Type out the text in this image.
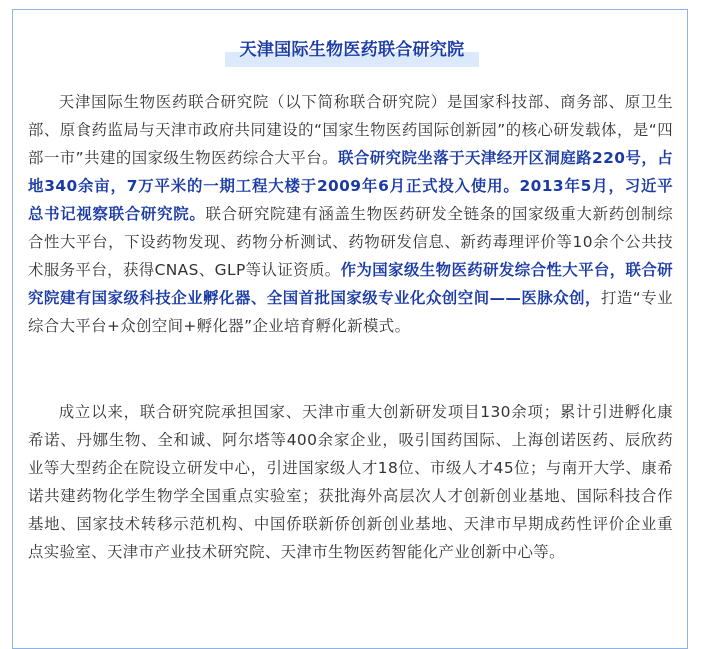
天津国际生物医药联合研究院

天津国际生物医药联合研究院（以下简称联合研究院）是国家科技部、商务部、原卫生部、原食药监局与天津市政府共同建设的“国家生物医药国际创新园”的核心研发载体，是“四部一市”共建的国家级生物医药综合大平台。联合研究院坐落于天津经开区洞庭路220号，占地340余亩，7万平米的一期工程大楼于2009年6月正式投入使用。2013年5月，习近平总书记视察联合研究院。联合研究院建有涵盖生物医药研发全链条的国家级重大新药创制综合性大平台，下设药物发现、药物分析测试、药物研发信息、新药毒理评价等10余个公共技术服务平台，获得CNAS、GLP等认证资质。作为国家级生物医药研发综合性大平台，联合研究院建有国家级科技企业孵化器、全国首批国家级专业化众创空间——医脉众创，打造“专业综合大平台+众创空间+孵化器”企业培育孵化新模式。

成立以来，联合研究院承担国家、天津市重大创新研发项目130余项；累计引进孵化康希诺、丹娜生物、全和诚、阿尔塔等400余家企业，吸引国药国际、上海创诺医药、辰欣药业等大型药企在院设立研发中心，引进国家级人才18位、市级人才45位；与南开大学、康希诺共建药物化学生物学全国重点实验室；获批海外高层次人才创新创业基地、国际科技合作基地、国家技术转移示范机构、中国侨联新侨创新创业基地、天津市早期成药性评价企业重点实验室、天津市产业技术研究院、天津市生物医药智能化产业创新中心等。
